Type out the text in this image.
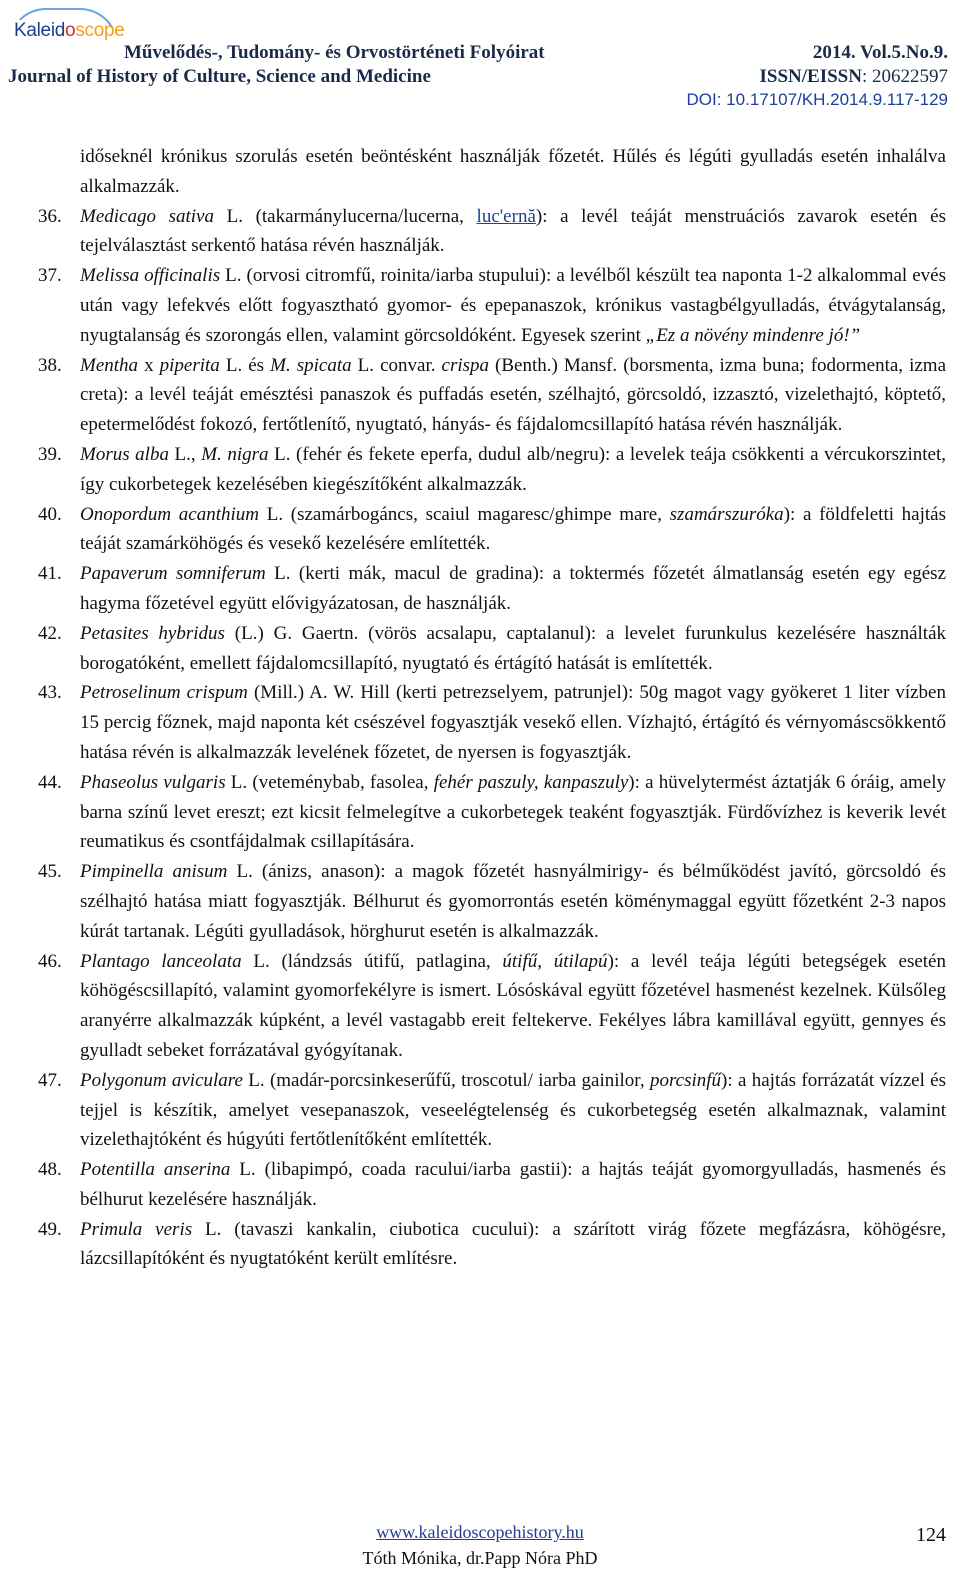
Kaleidoscope
Művelődés-, Tudomány- és Orvostörténeti Folyóirat
Journal of History of Culture, Science and Medicine
2014. Vol.5.No.9.
ISSN/EISSN: 20622597
DOI: 10.17107/KH.2014.9.117-129

időseknél krónikus szorulás esetén beöntésként használják főzetét. Hűlés és légúti gyulladás esetén inhalálva alkalmazzák.

36. Medicago sativa L. (takarmánylucerna/lucerna, luc'ernă): a levél teáját menstruációs zavarok esetén és tejelválasztást serkentő hatása révén használják.

37. Melissa officinalis L. (orvosi citromfű, roinita/iarba stupului): a levélből készült tea naponta 1-2 alkalommal evés után vagy lefekvés előtt fogyasztható gyomor- és epepanaszok, krónikus vastagbélgyulladás, étvágytalanság, nyugtalanság és szorongás ellen, valamint görcsoldóként. Egyesek szerint „Ez a növény mindenre jó!”

38. Mentha x piperita L. és M. spicata L. convar. crispa (Benth.) Mansf. (borsmenta, izma buna; fodormenta, izma creta): a levél teáját emésztési panaszok és puffadás esetén, szélhajtó, görcsoldó, izzasztó, vizelethajtó, köptető, epetermelődést fokozó, fertőtlenítő, nyugtató, hányás- és fájdalomcsillapító hatása révén használják.

39. Morus alba L., M. nigra L. (fehér és fekete eperfa, dudul alb/negru): a levelek teája csökkenti a vércukorszintet, így cukorbetegek kezelésében kiegészítőként alkalmazzák.

40. Onopordum acanthium L. (szamárbogáncs, scaiul magaresc/ghimpe mare, szamárszuróka): a földfeletti hajtás teáját szamárköhögés és vesekő kezelésére említették.

41. Papaverum somniferum L. (kerti mák, macul de gradina): a toktermés főzetét álmatlanság esetén egy egész hagyma főzetével együtt elővigyázatosan, de használják.

42. Petasites hybridus (L.) G. Gaertn. (vörös acsalapu, captalanul): a levelet furunkulus kezelésére használták borogatóként, emellett fájdalomcsillapító, nyugtató és értágító hatását is említették.

43. Petroselinum crispum (Mill.) A. W. Hill (kerti petrezselyem, patrunjel): 50g magot vagy gyökeret 1 liter vízben 15 percig főznek, majd naponta két csészével fogyasztják vesekő ellen. Vízhajtó, értágító és vérnyomáscsökkentő hatása révén is alkalmazzák levelének főzetet, de nyersen is fogyasztják.

44. Phaseolus vulgaris L. (veteménybab, fasolea, fehér paszuly, kanpaszuly): a hüvelytermést áztatják 6 óráig, amely barna színű levet ereszt; ezt kicsit felmelegítve a cukorbetegek teaként fogyasztják. Fürdővízhez is keverik levét reumatikus és csontfájdalmak csillapítására.

45. Pimpinella anisum L. (ánizs, anason): a magok főzetét hasnyálmirigy- és bélműködést javító, görcsoldó és szélhajtó hatása miatt fogyasztják. Bélhurut és gyomorrontás esetén köménymaggal együtt főzetként 2-3 napos kúrát tartanak. Légúti gyulladások, hörghurut esetén is alkalmazzák.

46. Plantago lanceolata L. (lándzsás útifű, patlagina, útifű, útilapú): a levél teája légúti betegségek esetén köhögéscsillapító, valamint gyomorfekélyre is ismert. Lósóskával együtt főzetével hasmenést kezelnek. Külsőleg aranyérre alkalmazzák kúpként, a levél vastagabb ereit feltekerve. Fekélyes lábra kamillával együtt, gennyes és gyulladt sebeket forrázatával gyógyítanak.

47. Polygonum aviculare L. (madár-porcsinkeserűfű, troscotul/ iarba gainilor, porcsinfű): a hajtás forrázatát vízzel és tejjel is készítik, amelyet vesepanaszok, veseelégtelenség és cukorbetegség esetén alkalmaznak, valamint vizelethajtóként és húgyúti fertőtlenítőként említették.

48. Potentilla anserina L. (libapimpó, coada racului/iarba gastii): a hajtás teáját gyomorgyulladás, hasmenés és bélhurut kezelésére használják.

49. Primula veris L. (tavaszi kankalin, ciubotica cucului): a szárított virág főzete megfázásra, köhögésre, lázcsillapítóként és nyugtatóként került említésre.

www.kaleidoscopehistory.hu
Tóth Mónika, dr.Papp Nóra PhD
124
